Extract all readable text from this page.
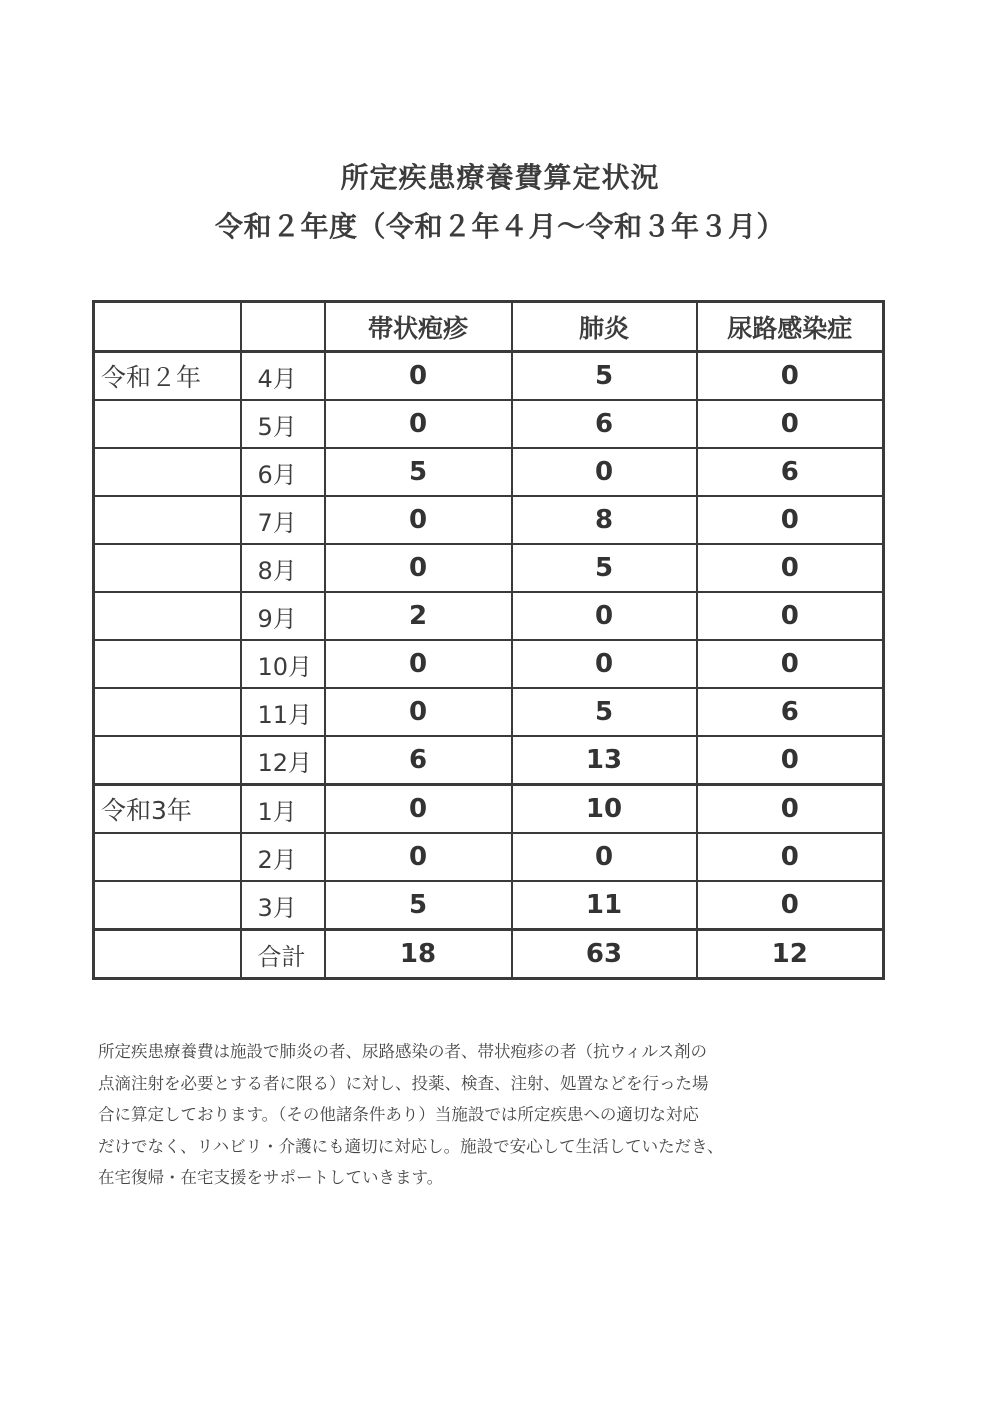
所定疾患療養費算定状況
令和２年度（令和２年４月～令和３年３月）
		帯状疱疹	肺炎	尿路感染症
令和２年	4月	0	5	0
	5月	0	6	0
	6月	5	0	6
	7月	0	8	0
	8月	0	5	0
	9月	2	0	0
	10月	0	0	0
	11月	0	5	6
	12月	6	13	0
令和3年	1月	0	10	0
	2月	0	0	0
	3月	5	11	0
	合計	18	63	12
所定疾患療養費は施設で肺炎の者、尿路感染の者、帯状疱疹の者（抗ウィルス剤の
点滴注射を必要とする者に限る）に対し、投薬、検査、注射、処置などを行った場
合に算定しております。（その他諸条件あり）当施設では所定疾患への適切な対応
だけでなく、リハビリ・介護にも適切に対応し。施設で安心して生活していただき、
在宅復帰・在宅支援をサポートしていきます。
